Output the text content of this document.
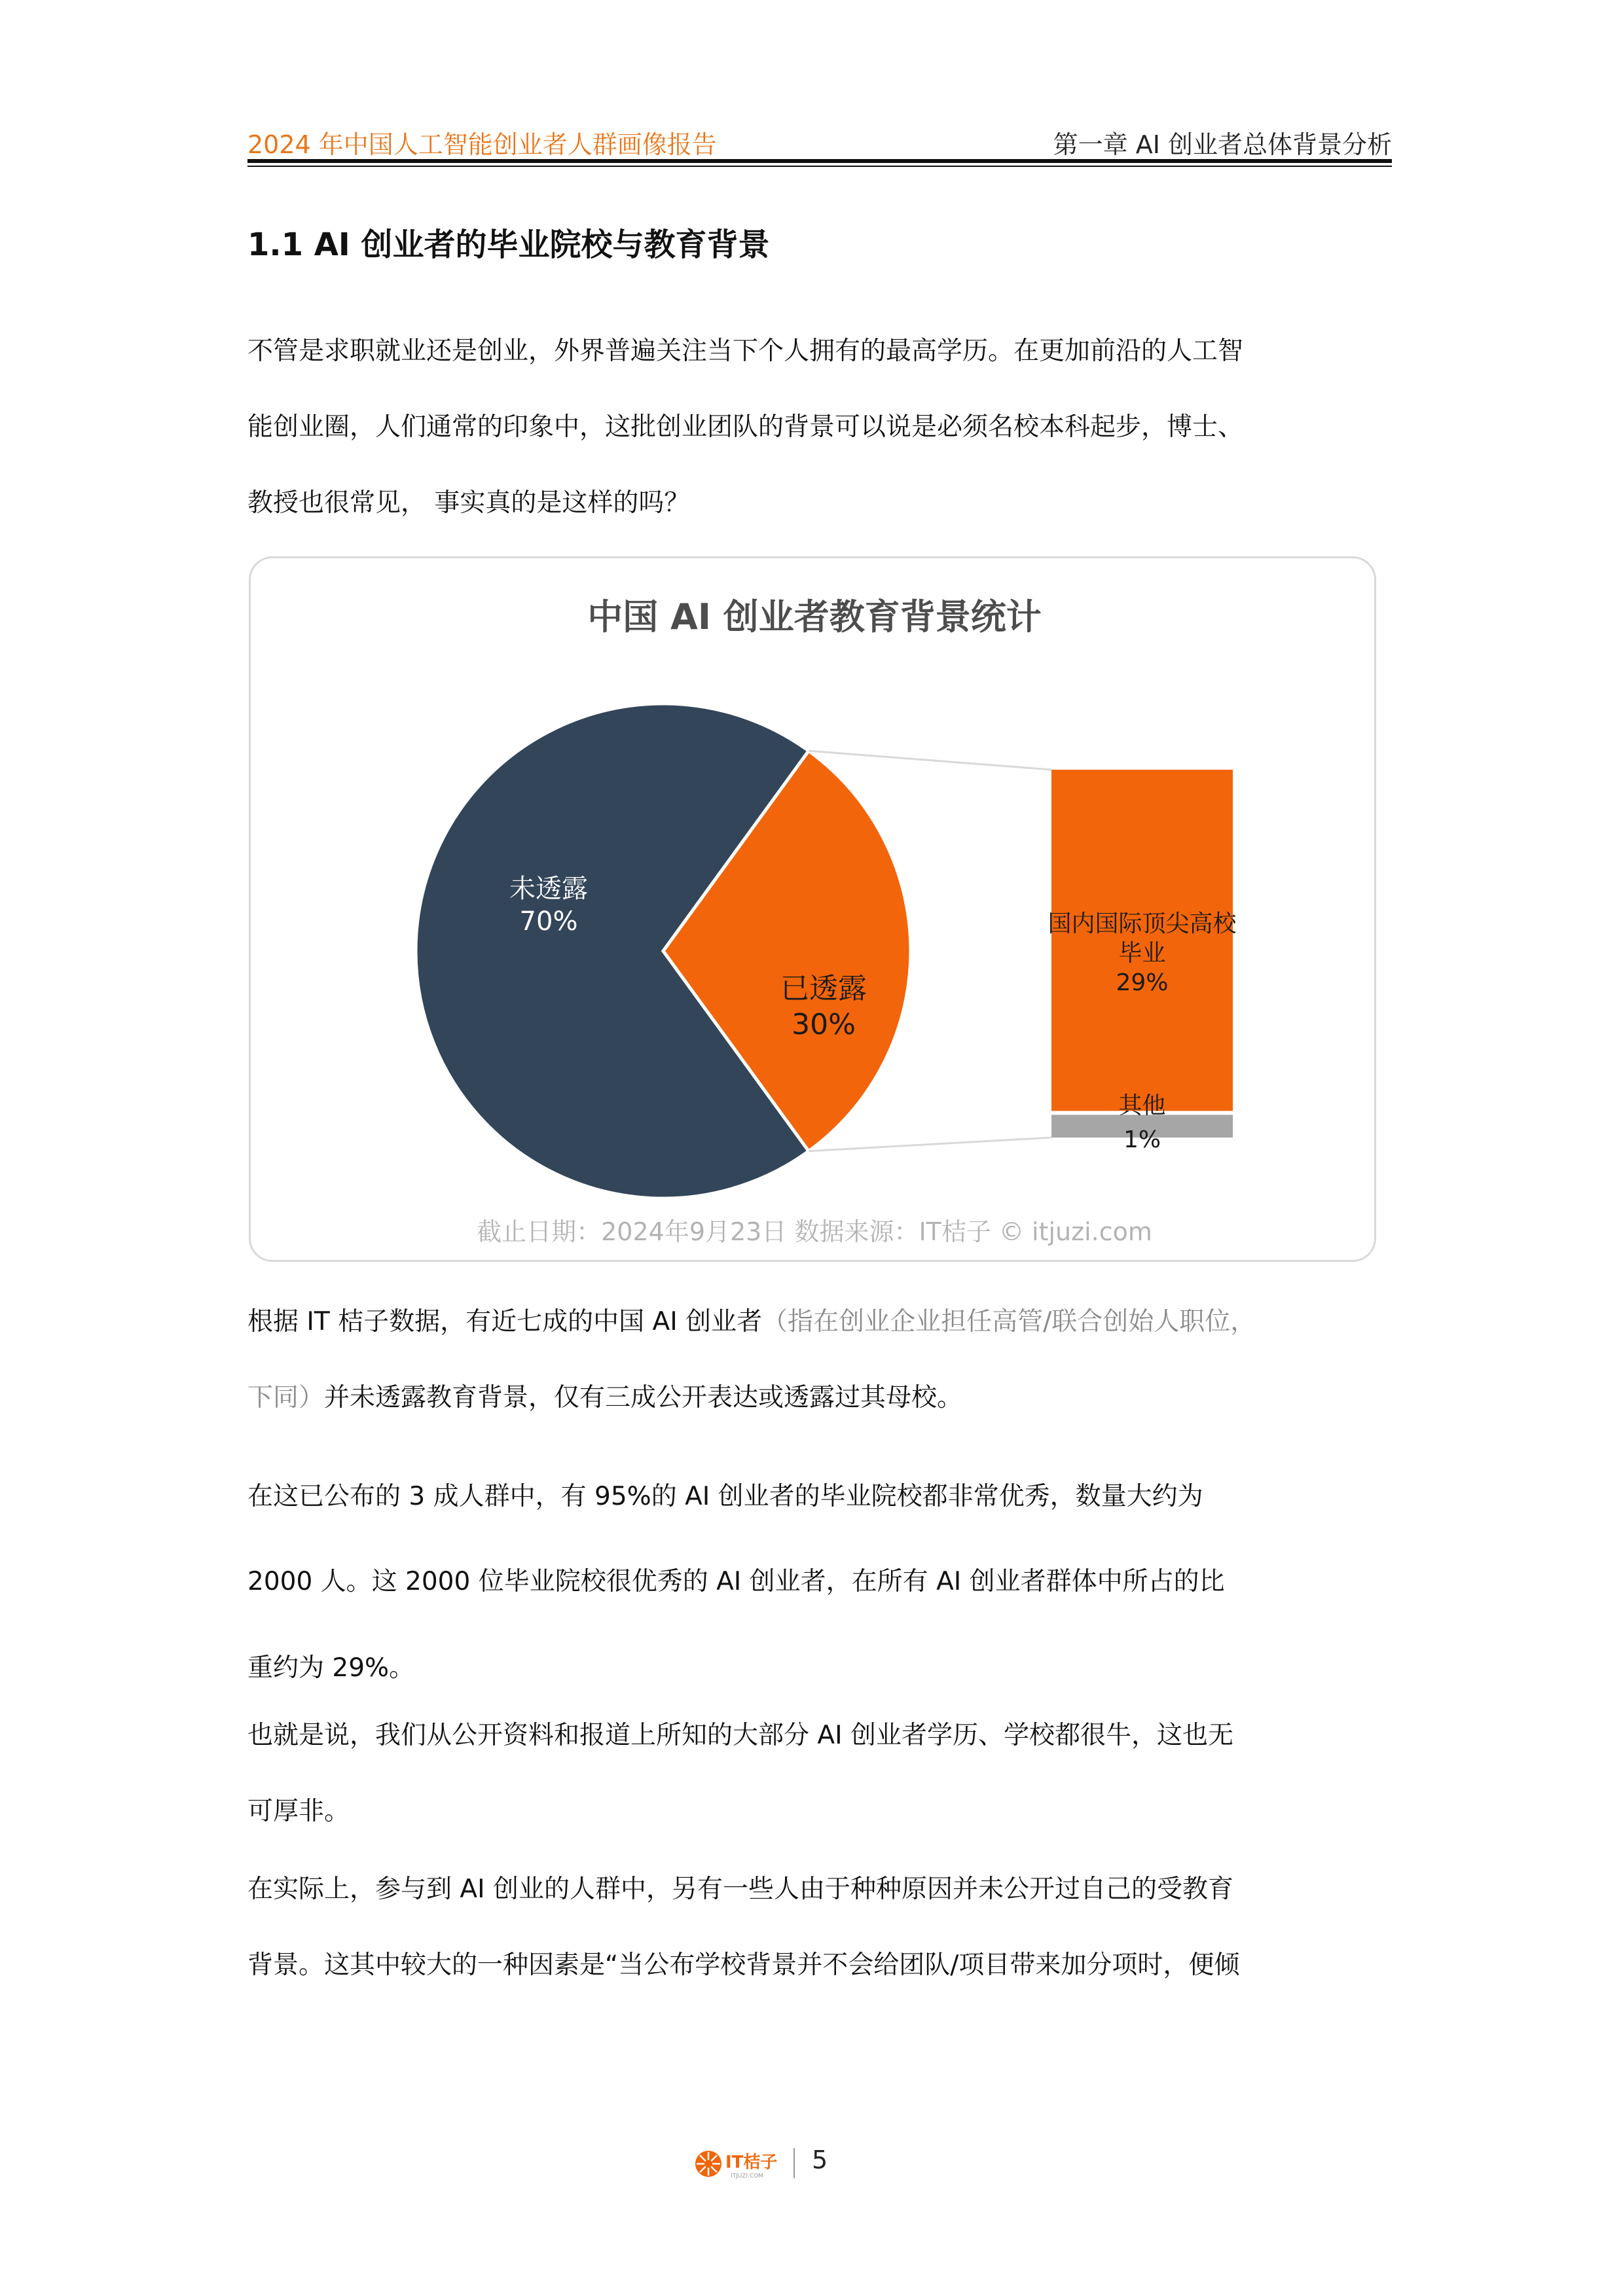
2024 年中国人工智能创业者人群画像报告	第一章 AI 创业者总体背景分析
1.1 AI 创业者的毕业院校与教育背景
不管是求职就业还是创业，外界普遍关注当下个人拥有的最高学历。在更加前沿的人工智
能创业圈，人们通常的印象中，这批创业团队的背景可以说是必须名校本科起步，博士、
教授也很常见， 事实真的是这样的吗？
中国 AI 创业者教育背景统计
未透露
70%
已透露
30%
国内国际顶尖高校
毕业
29%
其他
1%
截止日期：2024年9月23日 数据来源：IT桔子 © itjuzi.com
根据 IT 桔子数据，有近七成的中国 AI 创业者（指在创业企业担任高管/联合创始人职位，
下同）并未透露教育背景，仅有三成公开表达或透露过其母校。
在这已公布的 3 成人群中，有 95%的 AI 创业者的毕业院校都非常优秀，数量大约为
2000 人。这 2000 位毕业院校很优秀的 AI 创业者，在所有 AI 创业者群体中所占的比
重约为 29%。
也就是说，我们从公开资料和报道上所知的大部分 AI 创业者学历、学校都很牛，这也无
可厚非。
在实际上，参与到 AI 创业的人群中，另有一些人由于种种原因并未公开过自己的受教育
背景。这其中较大的一种因素是“当公布学校背景并不会给团队/项目带来加分项时，便倾
IT桔子
ITJUZI.COM
5
